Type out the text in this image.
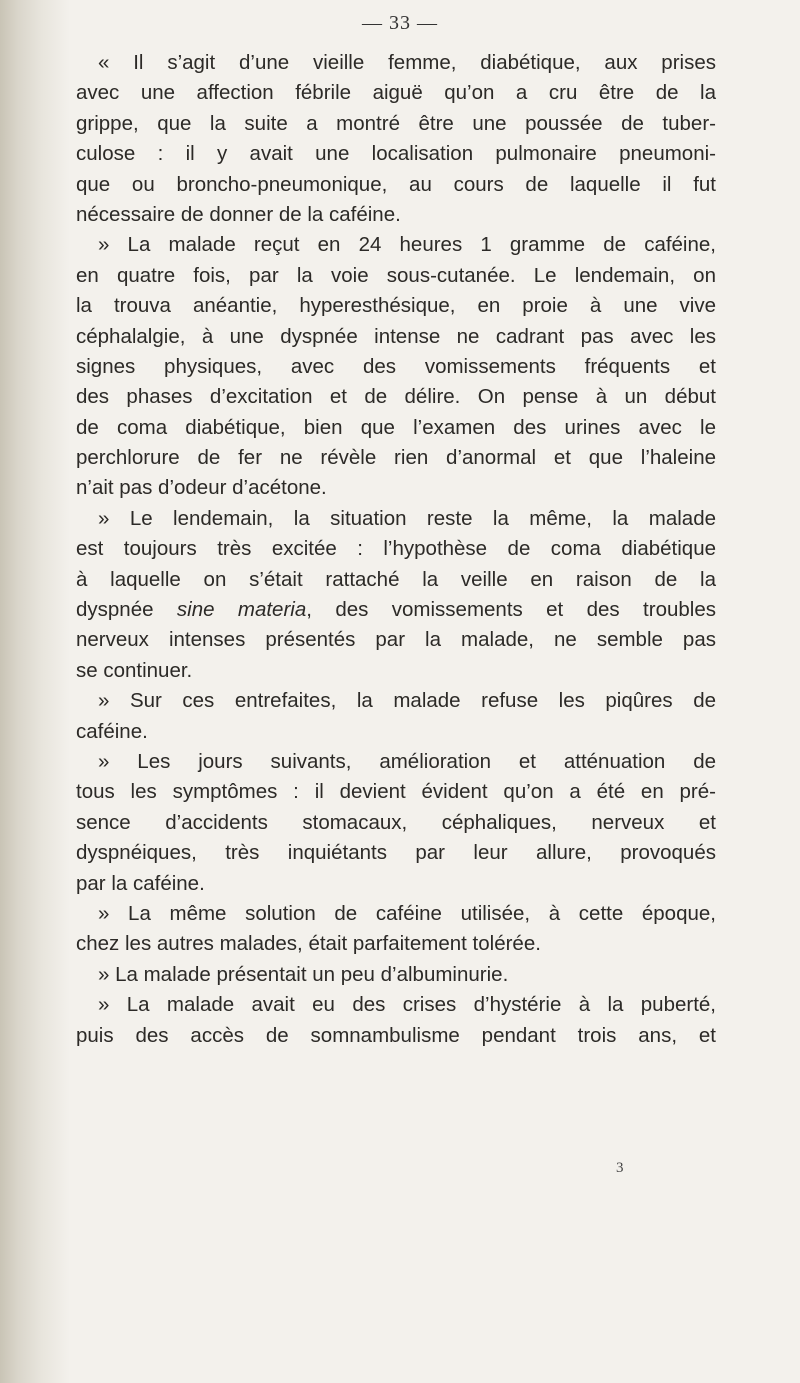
— 33 —
« Il s’agit d’une vieille femme, diabétique, aux prises
avec une affection fébrile aiguë qu’on a cru être de la
grippe, que la suite a montré être une poussée de tuber-
culose : il y avait une localisation pulmonaire pneumoni-
que ou broncho-pneumonique, au cours de laquelle il fut
nécessaire de donner de la caféine.
» La malade reçut en 24 heures 1 gramme de caféine,
en quatre fois, par la voie sous-cutanée. Le lendemain, on
la trouva anéantie, hyperesthésique, en proie à une vive
céphalalgie, à une dyspnée intense ne cadrant pas avec les
signes physiques, avec des vomissements fréquents et
des phases d’excitation et de délire. On pense à un début
de coma diabétique, bien que l’examen des urines avec le
perchlorure de fer ne révèle rien d’anormal et que l’haleine
n’ait pas d’odeur d’acétone.
» Le lendemain, la situation reste la même, la malade
est toujours très excitée : l’hypothèse de coma diabétique
à laquelle on s’était rattaché la veille en raison de la
dyspnée sine materia, des vomissements et des troubles
nerveux intenses présentés par la malade, ne semble pas
se continuer.
» Sur ces entrefaites, la malade refuse les piqûres de
caféine.
» Les jours suivants, amélioration et atténuation de
tous les symptômes : il devient évident qu’on a été en pré-
sence d’accidents stomacaux, céphaliques, nerveux et
dyspnéiques, très inquiétants par leur allure, provoqués
par la caféine.
» La même solution de caféine utilisée, à cette époque,
chez les autres malades, était parfaitement tolérée.
» La malade présentait un peu d’albuminurie.
» La malade avait eu des crises d’hystérie à la puberté,
puis des accès de somnambulisme pendant trois ans, et
3
